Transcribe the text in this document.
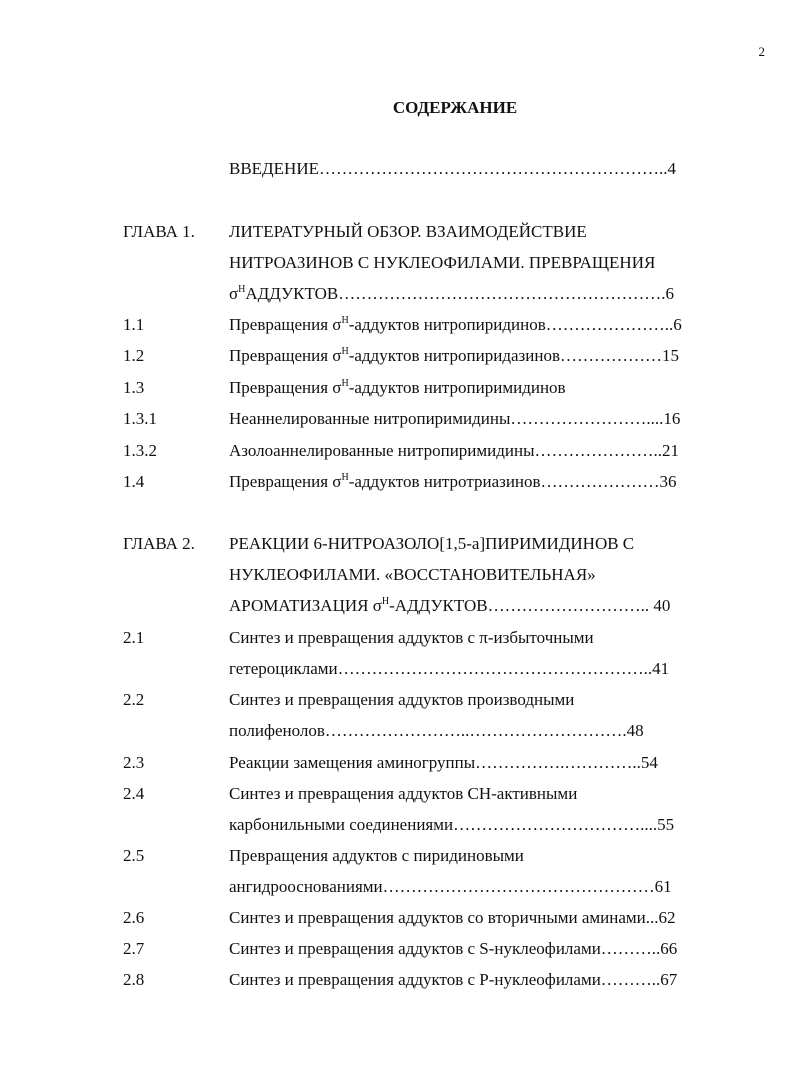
2
СОДЕРЖАНИЕ
ВВЕДЕНИЕ……………………………………………………..4
ГЛАВА 1. ЛИТЕРАТУРНЫЙ ОБЗОР. ВЗАИМОДЕЙСТВИЕ
НИТРОАЗИНОВ С НУКЛЕОФИЛАМИ. ПРЕВРАЩЕНИЯ
$\sigma^НАДДУКТОВ\dots\dots\dots\dots\dots\dots\dots\dots\dots\dots\dots\dots\dots\dots\dots\dots\dots\dots\dots.6$
1.1	Превращения $\sigma^Н$-аддуктов нитропиридинов…………………..6
1.2	Превращения $\sigma^Н$-аддуктов нитропиридазинов………………15
1.3	Превращения $\sigma^Н$-аддуктов нитропиримидинов
1.3.1	Неаннелированные нитропиримидины……………………....16
1.3.2	Азолоаннелированные нитропиримидины…………………..21
1.4	Превращения $\sigma^Н$-аддуктов нитротриазинов…………………36
ГЛАВА 2. РЕАКЦИИ 6-НИТРОАЗОЛО[1,5-а]ПИРИМИДИНОВ С
НУКЛЕОФИЛАМИ. «ВОССТАНОВИТЕЛЬНАЯ»
АРОМАТИЗАЦИЯ $\sigma^Н-АДДУКТОВ\dots\dots\dots\dots\dots\dots\dots\dots\dots$.. 40
2.1	Синтез и превращения аддуктов с π-избыточными
гетероциклами………………………………………………..41
2.2	Синтез и превращения аддуктов производными
полифенолов……………………..……………………….48
2.3	Реакции замещения аминогруппы…………….…………..54
2.4	Синтез и превращения аддуктов СН-активными
карбонильными соединениями……………………………....55
2.5	Превращения аддуктов с пиридиновыми
ангидрооснованиями…………………………………………61
2.6	Синтез и превращения аддуктов со вторичными аминами...62
2.7	Синтез и превращения аддуктов с S-нуклеофилами………..66
2.8	Синтез и превращения аддуктов с Р-нуклеофилами………..67
